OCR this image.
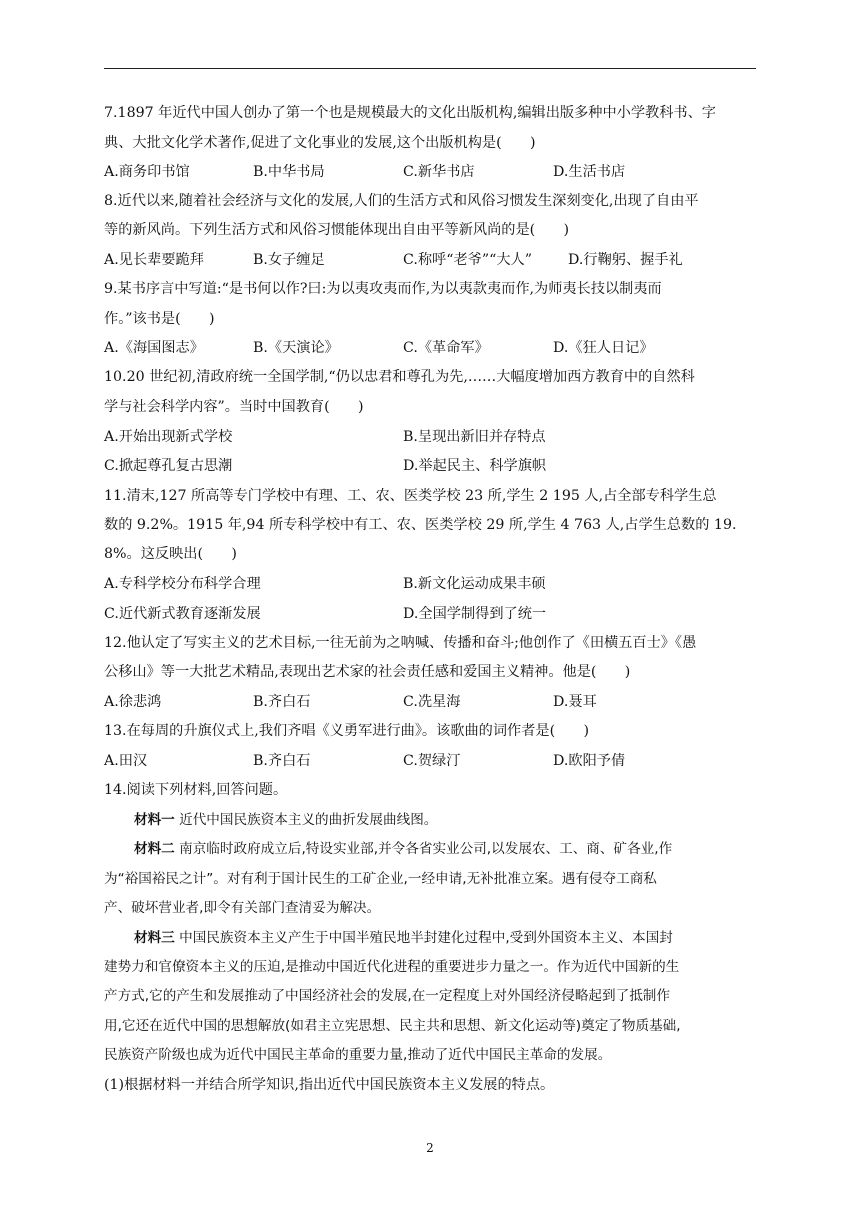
7.1897 年近代中国人创办了第一个也是规模最大的文化出版机构,编辑出版多种中小学教科书、字
典、大批文化学术著作,促进了文化事业的发展,这个出版机构是(　　)
A.商务印书馆	B.中华书局	C.新华书店	D.生活书店
8.近代以来,随着社会经济与文化的发展,人们的生活方式和风俗习惯发生深刻变化,出现了自由平
等的新风尚。下列生活方式和风俗习惯能体现出自由平等新风尚的是(　　)
A.见长辈要跪拜	B.女子缠足	C.称呼“老爷”“大人”	D.行鞠躬、握手礼
9.某书序言中写道:“是书何以作?曰:为以夷攻夷而作,为以夷款夷而作,为师夷长技以制夷而
作。”该书是(　　)
A.《海国图志》	B.《天演论》	C.《革命军》	D.《狂人日记》
10.20 世纪初,清政府统一全国学制,“仍以忠君和尊孔为先,……大幅度增加西方教育中的自然科
学与社会科学内容”。当时中国教育(　　)
A.开始出现新式学校	B.呈现出新旧并存特点
C.掀起尊孔复古思潮	D.举起民主、科学旗帜
11.清末,127 所高等专门学校中有理、工、农、医类学校 23 所,学生 2 195 人,占全部专科学生总
数的 9.2%。1915 年,94 所专科学校中有工、农、医类学校 29 所,学生 4 763 人,占学生总数的 19.
8%。这反映出(　　)
A.专科学校分布科学合理	B.新文化运动成果丰硕
C.近代新式教育逐渐发展	D.全国学制得到了统一
12.他认定了写实主义的艺术目标,一往无前为之呐喊、传播和奋斗;他创作了《田横五百士》《愚
公移山》等一大批艺术精品,表现出艺术家的社会责任感和爱国主义精神。他是(　　)
A.徐悲鸿	B.齐白石	C.冼星海	D.聂耳
13.在每周的升旗仪式上,我们齐唱《义勇军进行曲》。该歌曲的词作者是(　　)
A.田汉	B.齐白石	C.贺绿汀	D.欧阳予倩
14.阅读下列材料,回答问题。
材料一 近代中国民族资本主义的曲折发展曲线图。
材料二 南京临时政府成立后,特设实业部,并令各省实业公司,以发展农、工、商、矿各业,作
为“裕国裕民之计”。对有利于国计民生的工矿企业,一经申请,无补批准立案。遇有侵夺工商私
产、破坏营业者,即令有关部门查清妥为解决。
材料三 中国民族资本主义产生于中国半殖民地半封建化过程中,受到外国资本主义、本国封
建势力和官僚资本主义的压迫,是推动中国近代化进程的重要进步力量之一。作为近代中国新的生
产方式,它的产生和发展推动了中国经济社会的发展,在一定程度上对外国经济侵略起到了抵制作
用,它还在近代中国的思想解放(如君主立宪思想、民主共和思想、新文化运动等)奠定了物质基础,
民族资产阶级也成为近代中国民主革命的重要力量,推动了近代中国民主革命的发展。
(1)根据材料一并结合所学知识,指出近代中国民族资本主义发展的特点。
2
